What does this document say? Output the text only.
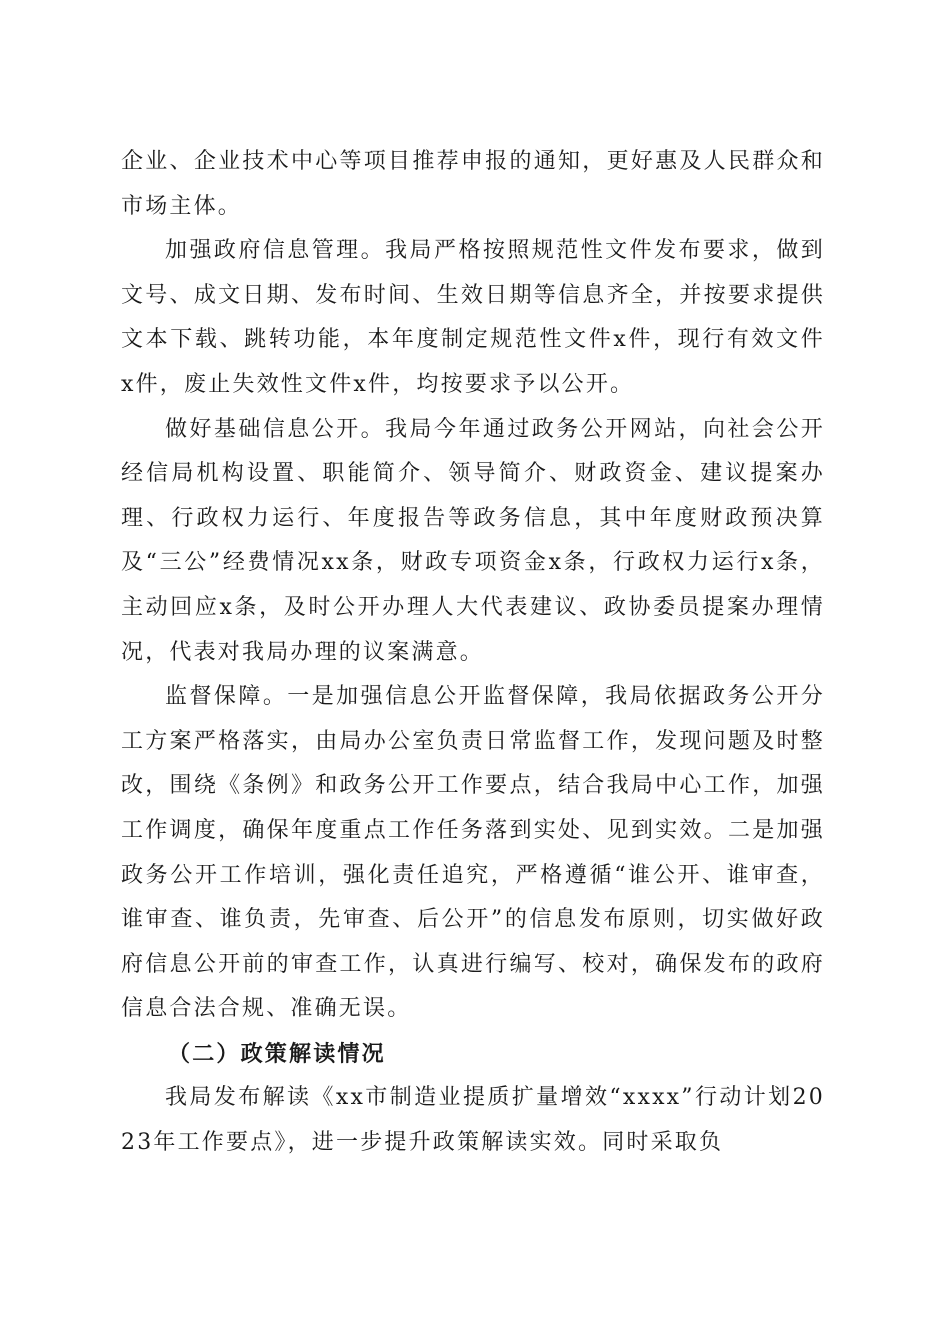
企业、企业技术中心等项目推荐申报的通知，更好惠及人民群众和市场主体。

加强政府信息管理。我局严格按照规范性文件发布要求，做到文号、成文日期、发布时间、生效日期等信息齐全，并按要求提供文本下载、跳转功能，本年度制定规范性文件x件，现行有效文件x件，废止失效性文件x件，均按要求予以公开。

做好基础信息公开。我局今年通过政务公开网站，向社会公开经信局机构设置、职能简介、领导简介、财政资金、建议提案办理、行政权力运行、年度报告等政务信息，其中年度财政预决算及“三公”经费情况xx条，财政专项资金x条，行政权力运行x条，主动回应x条，及时公开办理人大代表建议、政协委员提案办理情况，代表对我局办理的议案满意。

监督保障。一是加强信息公开监督保障，我局依据政务公开分工方案严格落实，由局办公室负责日常监督工作，发现问题及时整改，围绕《条例》和政务公开工作要点，结合我局中心工作，加强工作调度，确保年度重点工作任务落到实处、见到实效。二是加强政务公开工作培训，强化责任追究，严格遵循“谁公开、谁审查，谁审查、谁负责，先审查、后公开”的信息发布原则，切实做好政府信息公开前的审查工作，认真进行编写、校对，确保发布的政府信息合法合规、准确无误。

（二）政策解读情况

我局发布解读《xx市制造业提质扩量增效“xxxx”行动计划2023年工作要点》，进一步提升政策解读实效。同时采取负
